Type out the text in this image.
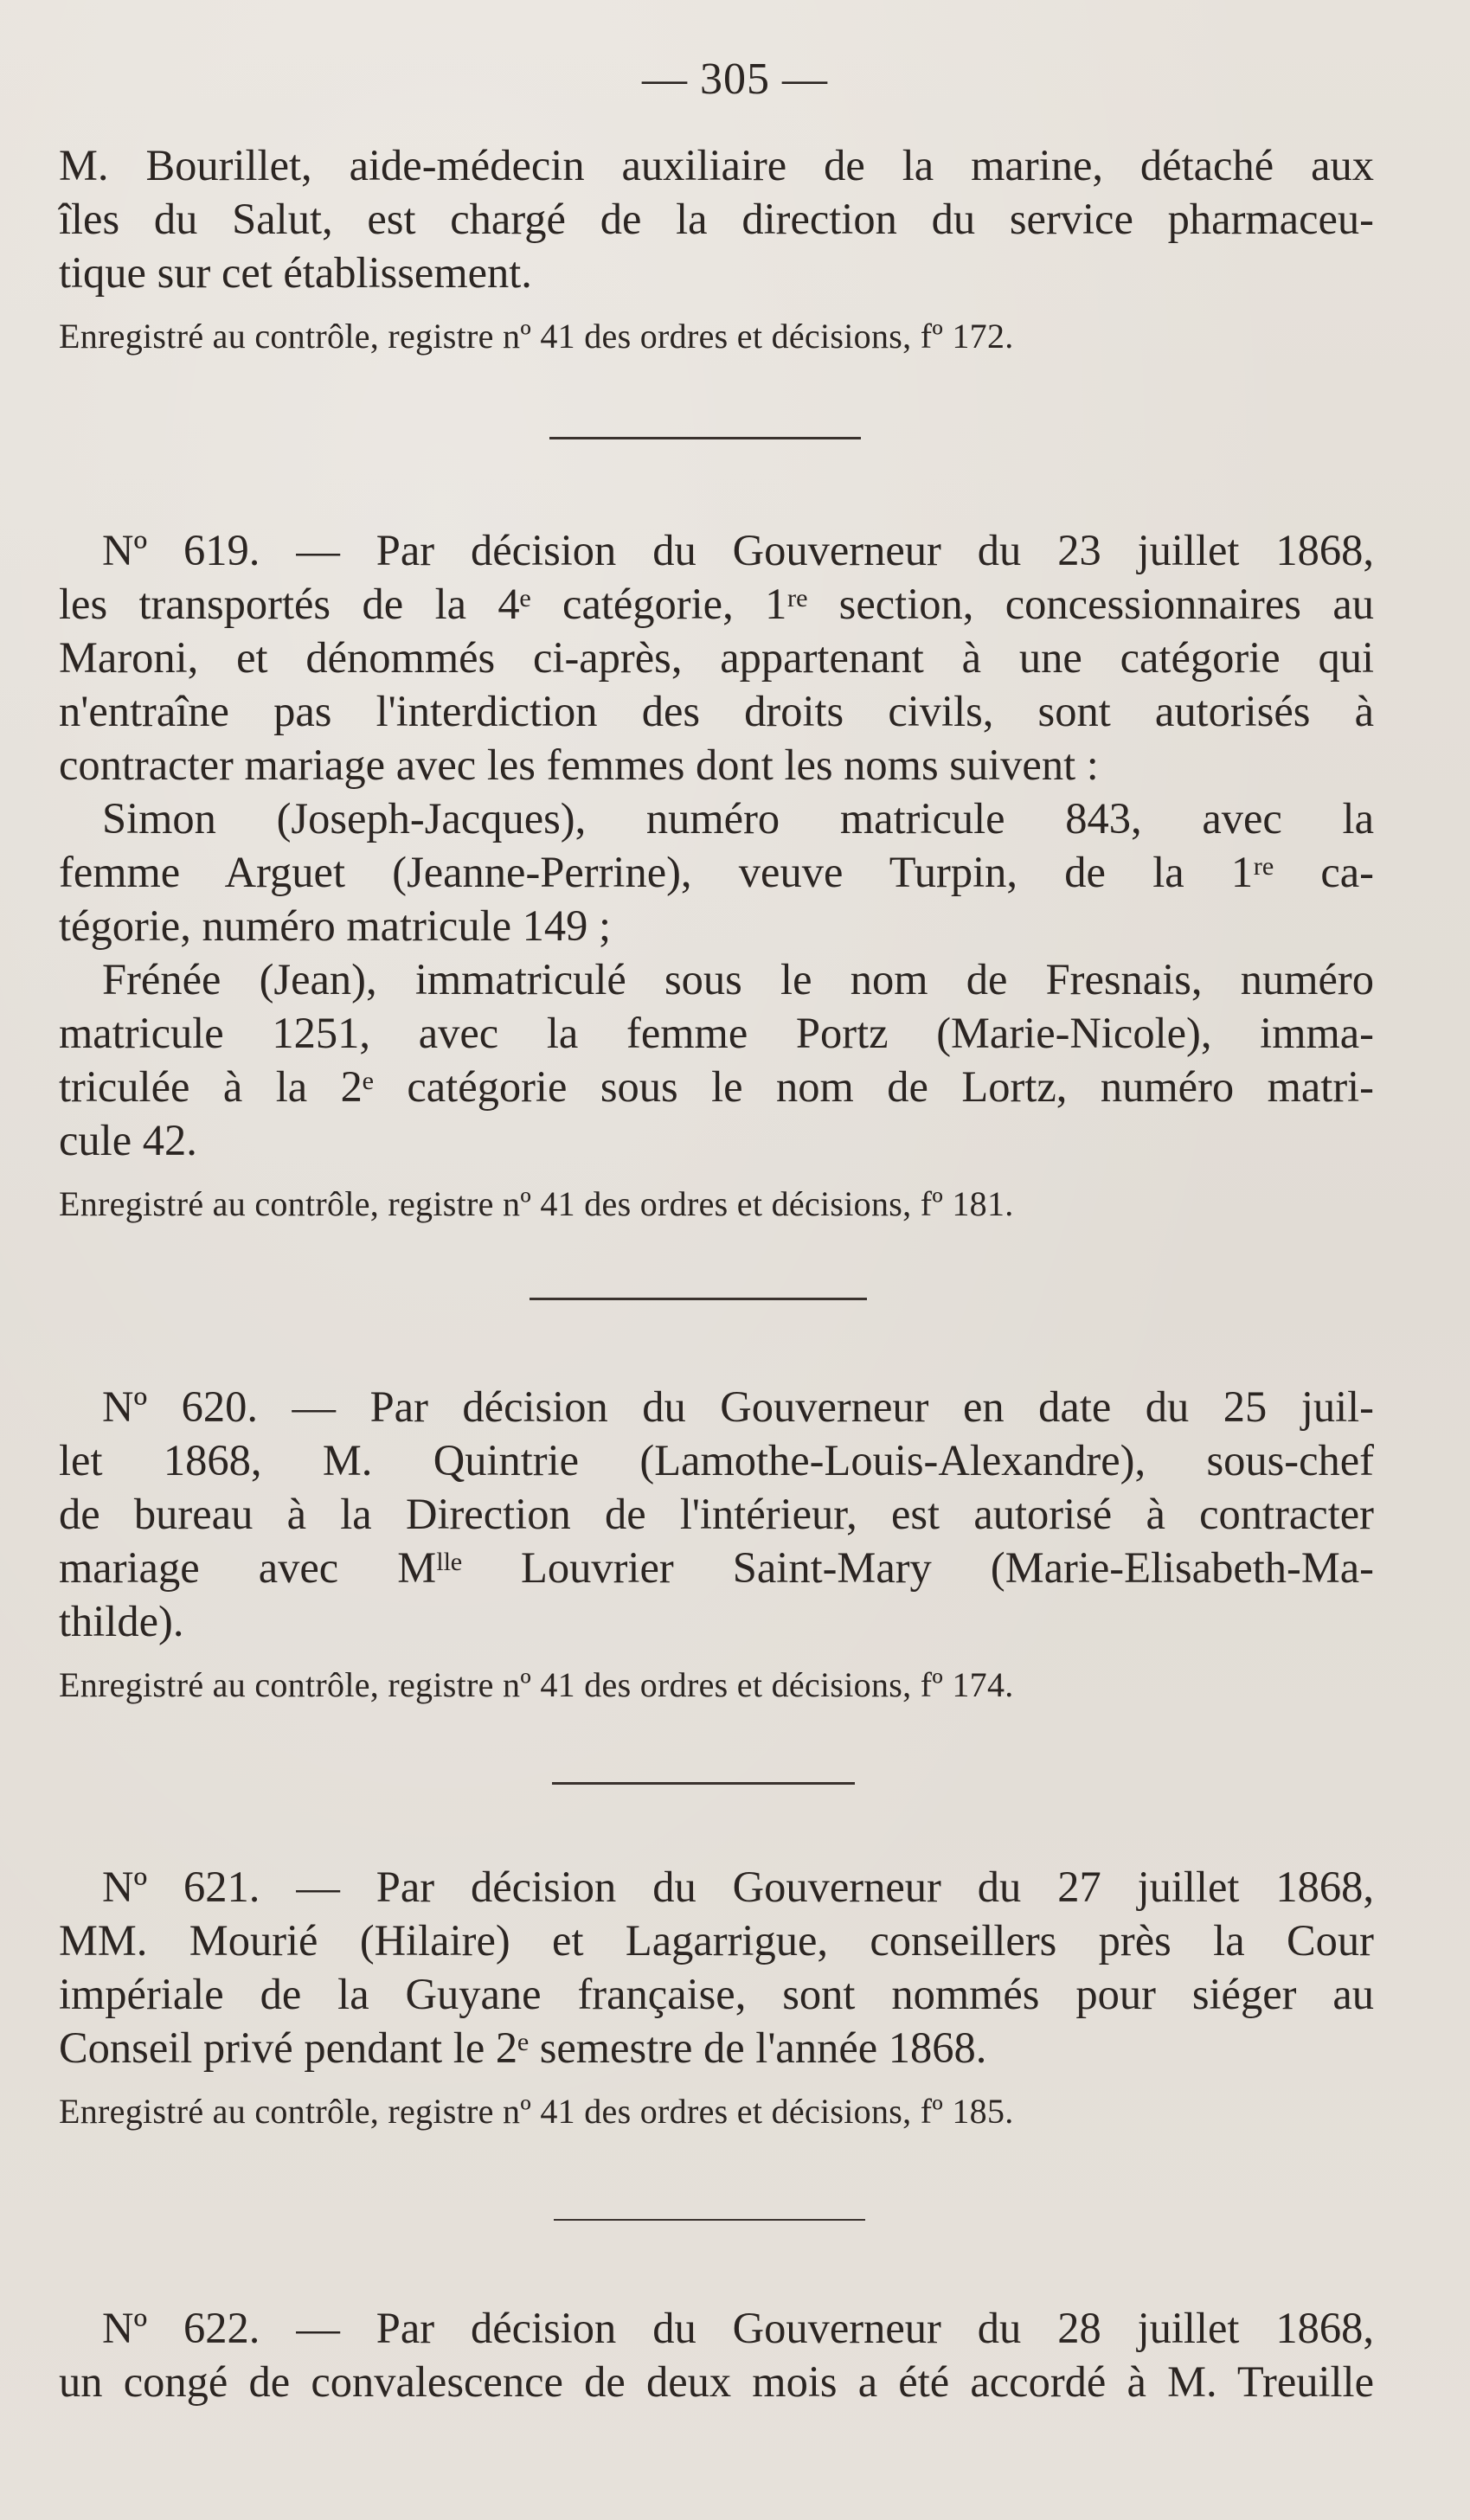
— 305 —

M. Bourillet, aide-médecin auxiliaire de la marine, détaché aux

îles du Salut, est chargé de la direction du service pharmaceu-

tique sur cet établissement.

Enregistré au contrôle, registre nº 41 des ordres et décisions, fº 172.

Nº 619. — Par décision du Gouverneur du 23 juillet 1868,

les transportés de la 4ᵉ catégorie, 1ʳᵉ section, concessionnaires au

Maroni, et dénommés ci-après, appartenant à une catégorie qui

n'entraîne pas l'interdiction des droits civils, sont autorisés à

contracter mariage avec les femmes dont les noms suivent :

Simon (Joseph-Jacques), numéro matricule 843, avec la

femme Arguet (Jeanne-Perrine), veuve Turpin, de la 1ʳᵉ ca-

tégorie, numéro matricule 149 ;

Frénée (Jean), immatriculé sous le nom de Fresnais, numéro

matricule 1251, avec la femme Portz (Marie-Nicole), imma-

triculée à la 2ᵉ catégorie sous le nom de Lortz, numéro matri-

cule 42.

Enregistré au contrôle, registre nº 41 des ordres et décisions, fº 181.

Nº 620. — Par décision du Gouverneur en date du 25 juil-

let 1868, M. Quintrie (Lamothe-Louis-Alexandre), sous-chef

de bureau à la Direction de l'intérieur, est autorisé à contracter

mariage avec Mˡˡᵉ Louvrier Saint-Mary (Marie-Elisabeth-Ma-

thilde).

Enregistré au contrôle, registre nº 41 des ordres et décisions, fº 174.

Nº 621. — Par décision du Gouverneur du 27 juillet 1868,

MM. Mourié (Hilaire) et Lagarrigue, conseillers près la Cour

impériale de la Guyane française, sont nommés pour siéger au

Conseil privé pendant le 2ᵉ semestre de l'année 1868.

Enregistré au contrôle, registre nº 41 des ordres et décisions, fº 185.

Nº 622. — Par décision du Gouverneur du 28 juillet 1868,

un congé de convalescence de deux mois a été accordé à M. Treuille
